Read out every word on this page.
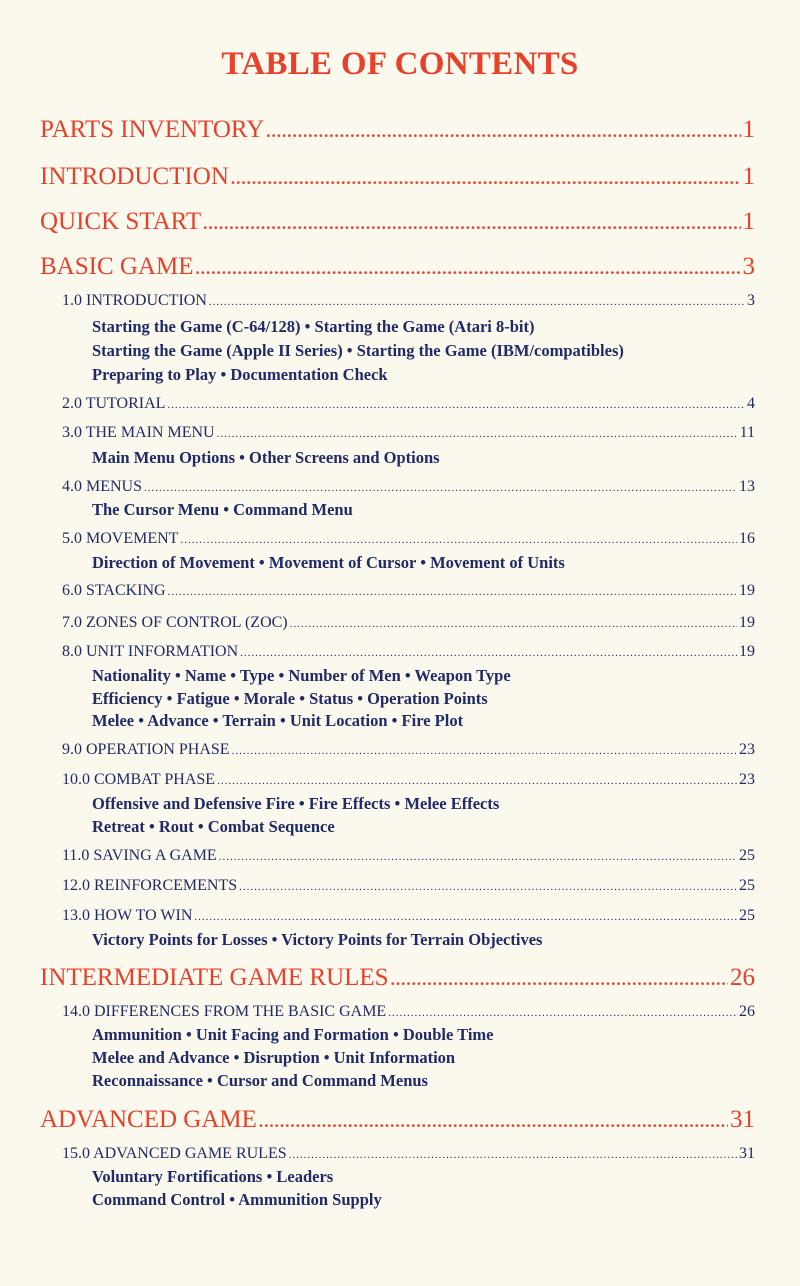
TABLE OF CONTENTS
PARTS INVENTORY .....	1
INTRODUCTION .....	1
QUICK START .....	1
BASIC GAME .....	3
1.0 INTRODUCTION .....	3
Starting the Game (C-64/128) • Starting the Game (Atari 8-bit)
Starting the Game (Apple II Series) • Starting the Game (IBM/compatibles)
Preparing to Play • Documentation Check
2.0 TUTORIAL .....	4
3.0 THE MAIN MENU .....	11
Main Menu Options • Other Screens and Options
4.0 MENUS .....	13
The Cursor Menu • Command Menu
5.0 MOVEMENT .....	16
Direction of Movement • Movement of Cursor • Movement of Units
6.0 STACKING .....	19
7.0 ZONES OF CONTROL (ZOC) .....	19
8.0 UNIT INFORMATION .....	19
Nationality • Name • Type • Number of Men • Weapon Type
Efficiency • Fatigue • Morale • Status • Operation Points
Melee • Advance • Terrain • Unit Location • Fire Plot
9.0 OPERATION PHASE .....	23
10.0 COMBAT PHASE .....	23
Offensive and Defensive Fire • Fire Effects • Melee Effects
Retreat • Rout • Combat Sequence
11.0 SAVING A GAME .....	25
12.0 REINFORCEMENTS .....	25
13.0 HOW TO WIN .....	25
Victory Points for Losses • Victory Points for Terrain Objectives
INTERMEDIATE GAME RULES .....	26
14.0 DIFFERENCES FROM THE BASIC GAME .....	26
Ammunition • Unit Facing and Formation • Double Time
Melee and Advance • Disruption • Unit Information
Reconnaissance • Cursor and Command Menus
ADVANCED GAME .....	31
15.0 ADVANCED GAME RULES .....	31
Voluntary Fortifications • Leaders
Command Control • Ammunition Supply
